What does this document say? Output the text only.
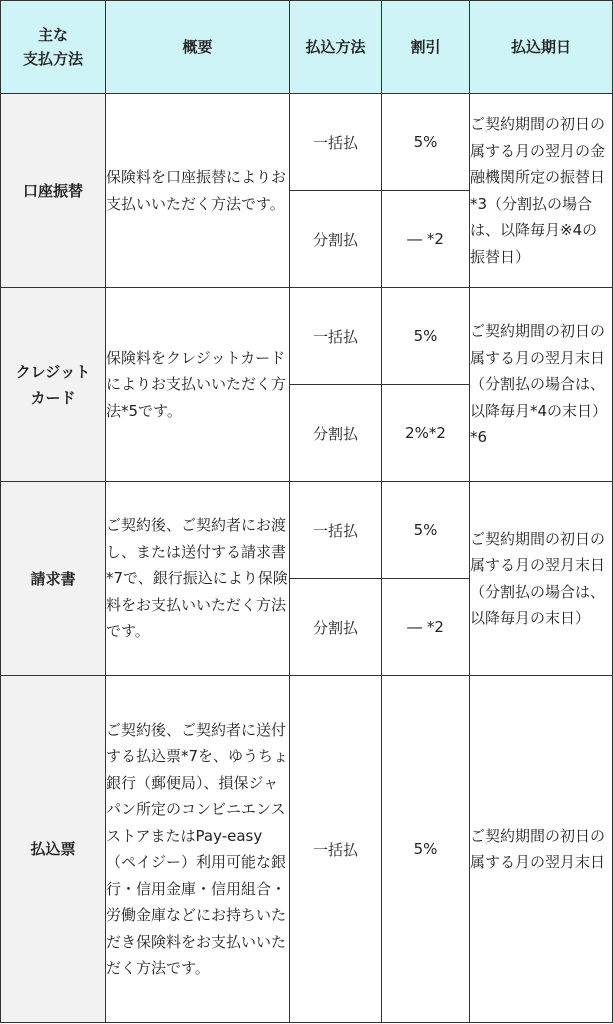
主な
支払方法	概要	払込方法	割引	払込期日
口座振替	保険料を口座振替によりお支払いいただく方法です。	一括払	5%	ご契約期間の初日の属する月の翌月の金融機関所定の振替日*3（分割払の場合は、以降毎月※4の振替日）
		分割払	― *2	

クレジット
カード	保険料をクレジットカードによりお支払いいただく方法*5です。	一括払	5%	ご契約期間の初日の属する月の翌月末日（分割払の場合は、以降毎月*4の末日）*6
		分割払	2%*2	
請求書	ご契約後、ご契約者にお渡し、または送付する請求書*7で、銀行振込により保険料をお支払いいただく方法です。	一括払	5%	ご契約期間の初日の属する月の翌月末日（分割払の場合は、以降毎月の末日）
		分割払	― *2	
払込票	ご契約後、ご契約者に送付する払込票*7を、ゆうちょ銀行（郵便局）、損保ジャパン所定のコンビニエンスストアまたはPay-easy（ペイジー）利用可能な銀行・信用金庫・信用組合・労働金庫などにお持ちいただき保険料をお支払いいただく方法です。	一括払	5%	ご契約期間の初日の属する月の翌月末日
